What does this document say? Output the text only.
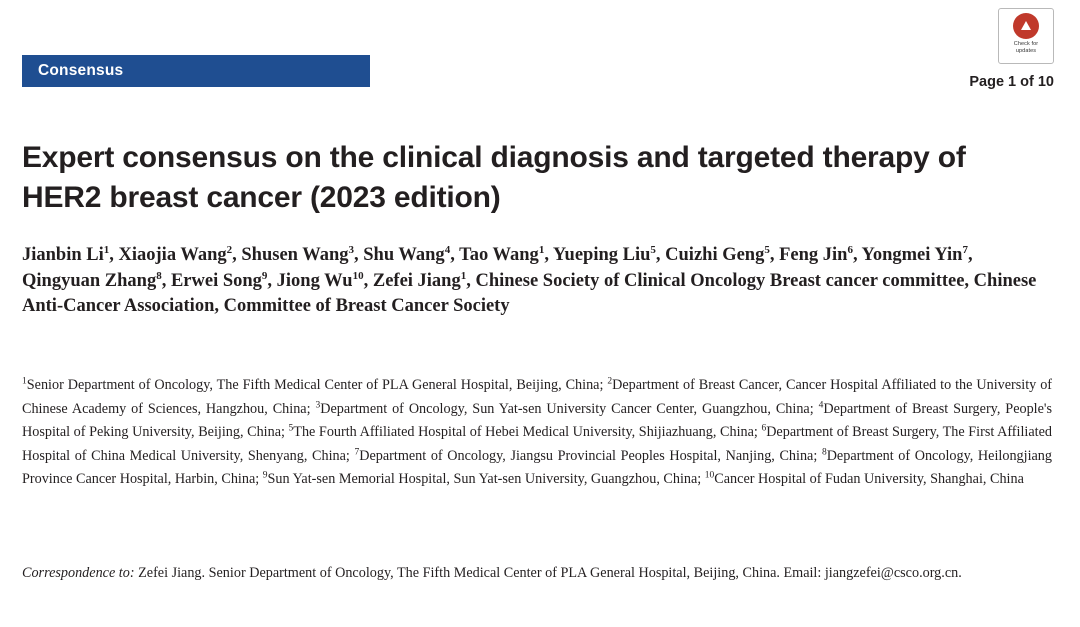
Check for
updates
Page 1 of 10
Consensus
Expert consensus on the clinical diagnosis and targeted therapy of HER2 breast cancer (2023 edition)
Jianbin Li$^1$, Xiaojia Wang$^2$, Shusen Wang$^3$, Shu Wang$^4$, Tao Wang$^1$, Yueping Liu$^5$, Cuizhi Geng$^5$, Feng Jin$^6$, Yongmei Yin$^7$, Qingyuan Zhang$^8$, Erwei Song$^9$, Jiong Wu$^{10}$, Zefei Jiang$^1$, Chinese Society of Clinical Oncology Breast cancer committee, Chinese Anti-Cancer Association, Committee of Breast Cancer Society
$^1$Senior Department of Oncology, The Fifth Medical Center of PLA General Hospital, Beijing, China; $^2$Department of Breast Cancer, Cancer Hospital Affiliated to the University of Chinese Academy of Sciences, Hangzhou, China; $^3$Department of Oncology, Sun Yat-sen University Cancer Center, Guangzhou, China; $^4$Department of Breast Surgery, People's Hospital of Peking University, Beijing, China; $^5$The Fourth Affiliated Hospital of Hebei Medical University, Shijiazhuang, China; $^6$Department of Breast Surgery, The First Affiliated Hospital of China Medical University, Shenyang, China; $^7$Department of Oncology, Jiangsu Provincial Peoples Hospital, Nanjing, China; $^8$Department of Oncology, Heilongjiang Province Cancer Hospital, Harbin, China; $^9$Sun Yat-sen Memorial Hospital, Sun Yat-sen University, Guangzhou, China; $^{10}$Cancer Hospital of Fudan University, Shanghai, China
Correspondence to: Zefei Jiang. Senior Department of Oncology, The Fifth Medical Center of PLA General Hospital, Beijing, China. Email: jiangzefei@csco.org.cn.
